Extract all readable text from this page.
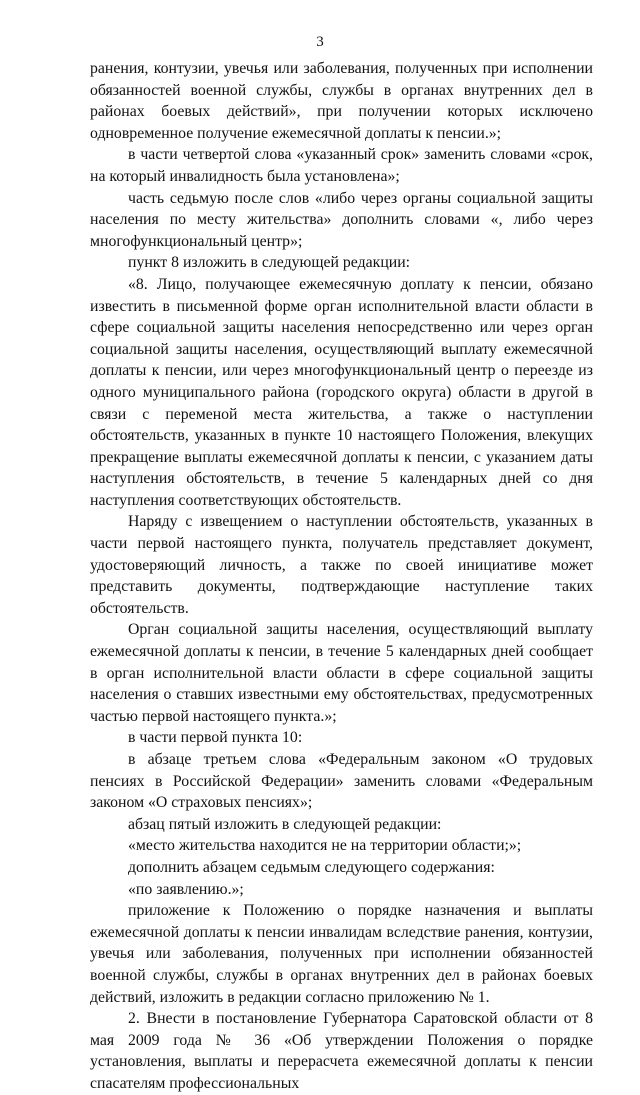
3

ранения, контузии, увечья или заболевания, полученных при исполнении обязанностей военной службы, службы в органах внутренних дел в районах боевых действий», при получении которых исключено одновременное получение ежемесячной доплаты к пенсии.»;

в части четвертой слова «указанный срок» заменить словами «срок, на который инвалидность была установлена»;

часть седьмую после слов «либо через органы социальной защиты населения по месту жительства» дополнить словами «, либо через многофункциональный центр»;

пункт 8 изложить в следующей редакции:

«8. Лицо, получающее ежемесячную доплату к пенсии, обязано известить в письменной форме орган исполнительной власти области в сфере социальной защиты населения непосредственно или через орган социальной защиты населения, осуществляющий выплату ежемесячной доплаты к пенсии, или через многофункциональный центр о переезде из одного муниципального района (городского округа) области в другой в связи с переменой места жительства, а также о наступлении обстоятельств, указанных в пункте 10 настоящего Положения, влекущих прекращение выплаты ежемесячной доплаты к пенсии, с указанием даты наступления обстоятельств, в течение 5 календарных дней со дня наступления соответствующих обстоятельств.

Наряду с извещением о наступлении обстоятельств, указанных в части первой настоящего пункта, получатель представляет документ, удостоверяющий личность, а также по своей инициативе может представить документы, подтверждающие наступление таких обстоятельств.

Орган социальной защиты населения, осуществляющий выплату ежемесячной доплаты к пенсии, в течение 5 календарных дней сообщает в орган исполнительной власти области в сфере социальной защиты населения о ставших известными ему обстоятельствах, предусмотренных частью первой настоящего пункта.»;

в части первой пункта 10:

в абзаце третьем слова «Федеральным законом «О трудовых пенсиях в Российской Федерации» заменить словами «Федеральным законом «О страховых пенсиях»;

абзац пятый изложить в следующей редакции:

«место жительства находится не на территории области;»;

дополнить абзацем седьмым следующего содержания:

«по заявлению.»;

приложение к Положению о порядке назначения и выплаты ежемесячной доплаты к пенсии инвалидам вследствие ранения, контузии, увечья или заболевания, полученных при исполнении обязанностей военной службы, службы в органах внутренних дел в районах боевых действий, изложить в редакции согласно приложению № 1.

2. Внести в постановление Губернатора Саратовской области от 8 мая 2009 года № 36 «Об утверждении Положения о порядке установления, выплаты и перерасчета ежемесячной доплаты к пенсии спасателям профессиональных
